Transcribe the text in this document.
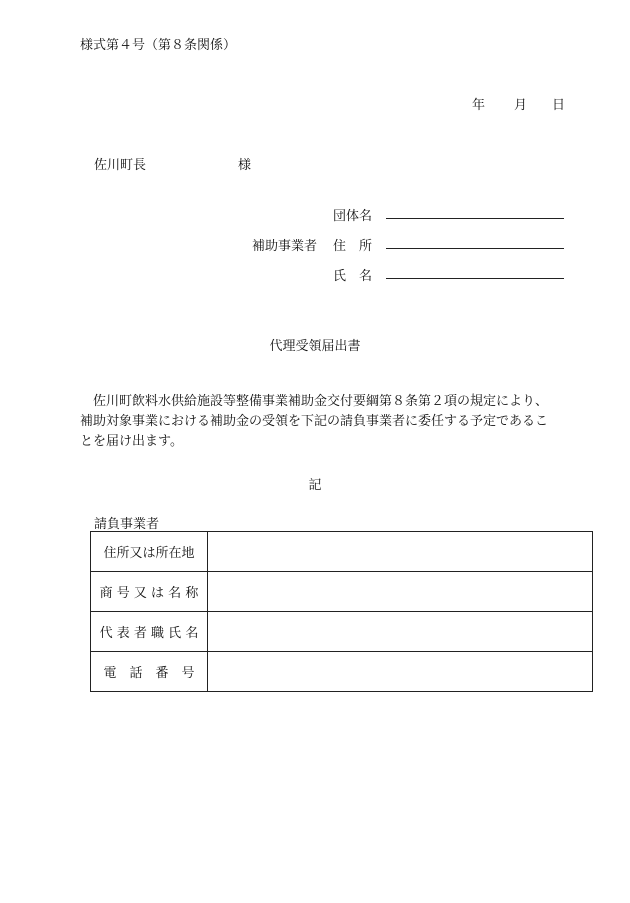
様式第４号（第８条関係）
年 月 日
佐川町長	様
補助事業者
団体名
住　所
氏　名
代理受領届出書
　佐川町飲料水供給施設等整備事業補助金交付要綱第８条第２項の規定により、
補助対象事業における補助金の受領を下記の請負事業者に委任する予定であるこ
とを届け出ます。
記
請負事業者
住所又は所在地	
商 号 又 は 名 称	
代 表 者 職 氏 名	
電　話　番　号	
